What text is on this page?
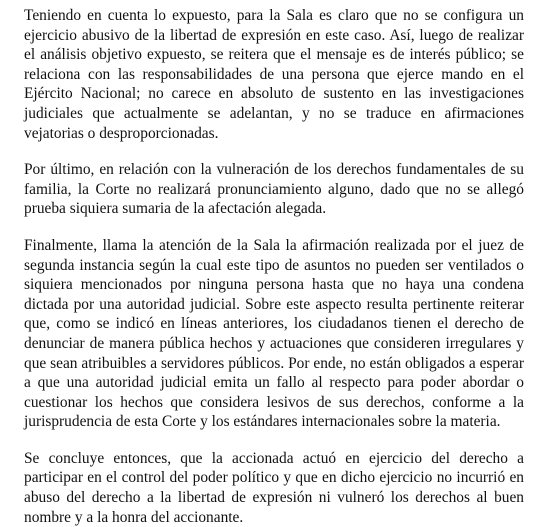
Teniendo en cuenta lo expuesto, para la Sala es claro que no se configura un ejercicio abusivo de la libertad de expresión en este caso. Así, luego de realizar el análisis objetivo expuesto, se reitera que el mensaje es de interés público; se relaciona con las responsabilidades de una persona que ejerce mando en el Ejército Nacional; no carece en absoluto de sustento en las investigaciones judiciales que actualmente se adelantan, y no se traduce en afirmaciones vejatorias o desproporcionadas.

Por último, en relación con la vulneración de los derechos fundamentales de su familia, la Corte no realizará pronunciamiento alguno, dado que no se allegó prueba siquiera sumaria de la afectación alegada.

Finalmente, llama la atención de la Sala la afirmación realizada por el juez de segunda instancia según la cual este tipo de asuntos no pueden ser ventilados o siquiera mencionados por ninguna persona hasta que no haya una condena dictada por una autoridad judicial. Sobre este aspecto resulta pertinente reiterar que, como se indicó en líneas anteriores, los ciudadanos tienen el derecho de denunciar de manera pública hechos y actuaciones que consideren irregulares y que sean atribuibles a servidores públicos. Por ende, no están obligados a esperar a que una autoridad judicial emita un fallo al respecto para poder abordar o cuestionar los hechos que considera lesivos de sus derechos, conforme a la jurisprudencia de esta Corte y los estándares internacionales sobre la materia.

Se concluye entonces, que la accionada actuó en ejercicio del derecho a participar en el control del poder político y que en dicho ejercicio no incurrió en abuso del derecho a la libertad de expresión ni vulneró los derechos al buen nombre y a la honra del accionante.
